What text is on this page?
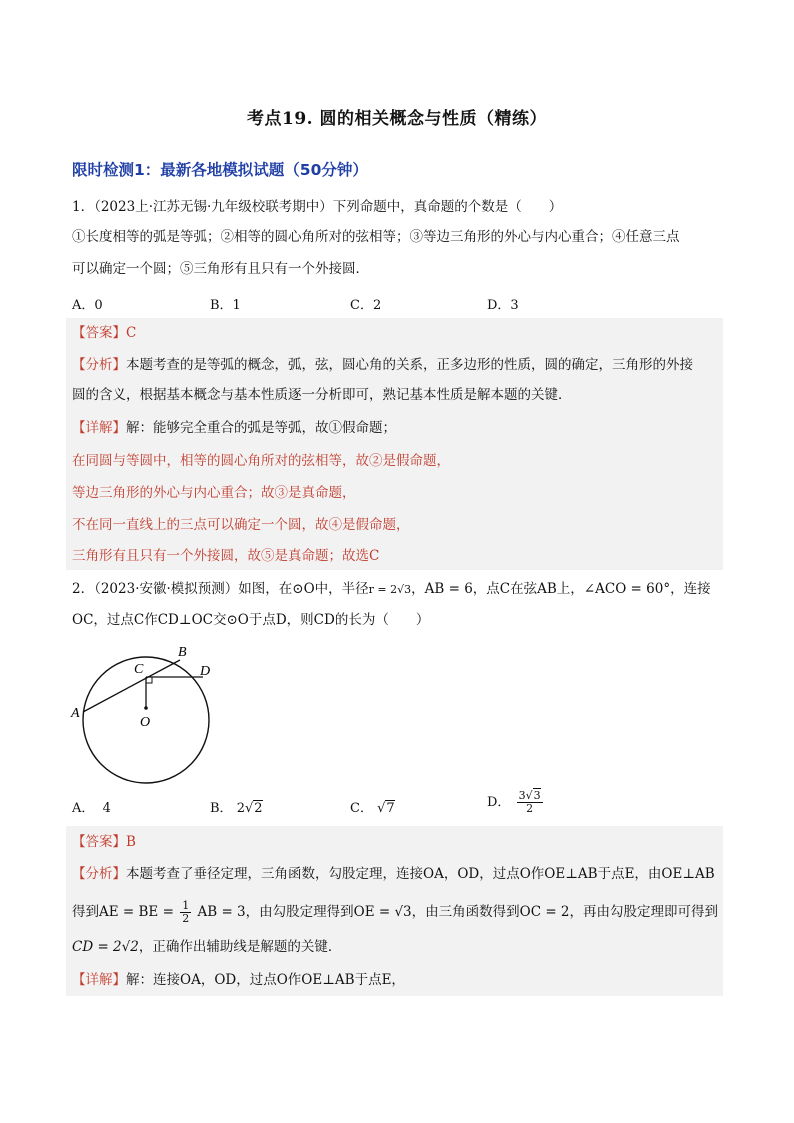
考点19. 圆的相关概念与性质（精练）
限时检测1：最新各地模拟试题（50分钟）
1．（2023上·江苏无锡·九年级校联考期中）下列命题中，真命题的个数是（　　）
①长度相等的弧是等弧；②相等的圆心角所对的弦相等；③等边三角形的外心与内心重合；④任意三点
可以确定一个圆；⑤三角形有且只有一个外接圆．
A．0	B．1	C．2	D．3
【答案】C
【分析】本题考查的是等弧的概念，弧，弦，圆心角的关系，正多边形的性质，圆的确定，三角形的外接
圆的含义，根据基本概念与基本性质逐一分析即可，熟记基本性质是解本题的关键．
【详解】解：能够完全重合的弧是等弧，故①假命题；
在同圆与等圆中，相等的圆心角所对的弦相等，故②是假命题，
等边三角形的外心与内心重合；故③是真命题，
不在同一直线上的三点可以确定一个圆，故④是假命题，
三角形有且只有一个外接圆，故⑤是真命题；故选C
2．（2023·安徽·模拟预测）如图，在⊙O中，半径r = 2√3，AB = 6，点C在弦AB上，∠ACO = 60°，连接
OC，过点C作CD⊥OC交⊙O于点D，则CD的长为（　　）
A
B
C	D
O
A． 4	B． 2√2	C． √7	D． $\frac{3√3}{2}$
【答案】B
【分析】本题考查了垂径定理，三角函数，勾股定理，连接OA，OD，过点O作OE⊥AB于点E，由OE⊥AB
得到AE = BE = $\frac{1}{2}$ AB = 3，由勾股定理得到OE = √3，由三角函数得到OC = 2，再由勾股定理即可得到
CD = 2√2，正确作出辅助线是解题的关键．
【详解】解：连接OA，OD，过点O作OE⊥AB于点E，
